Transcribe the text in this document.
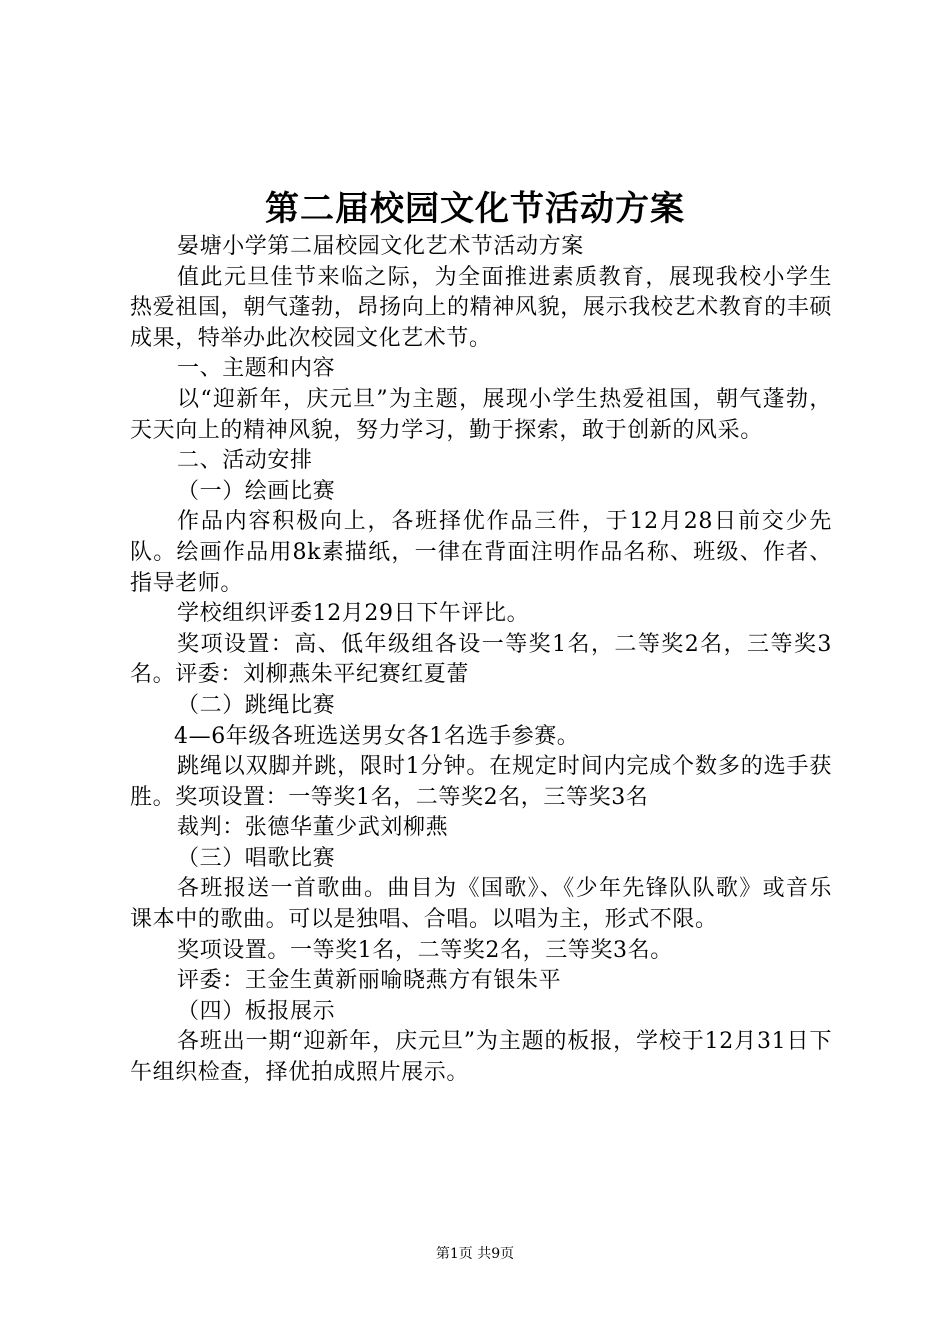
第二届校园文化节活动方案

晏塘小学第二届校园文化艺术节活动方案

值此元旦佳节来临之际，为全面推进素质教育，展现我校小学生热爱祖国，朝气蓬勃，昂扬向上的精神风貌，展示我校艺术教育的丰硕成果，特举办此次校园文化艺术节。

一、主题和内容

以“迎新年，庆元旦”为主题，展现小学生热爱祖国，朝气蓬勃，天天向上的精神风貌，努力学习，勤于探索，敢于创新的风采。

二、活动安排

（一）绘画比赛

作品内容积极向上，各班择优作品三件，于12月28日前交少先队。绘画作品用8k素描纸，一律在背面注明作品名称、班级、作者、指导老师。

学校组织评委12月29日下午评比。

奖项设置：高、低年级组各设一等奖1名，二等奖2名，三等奖3名。评委：刘柳燕朱平纪赛红夏蕾

（二）跳绳比赛

4—6年级各班选送男女各1名选手参赛。

跳绳以双脚并跳，限时1分钟。在规定时间内完成个数多的选手获胜。奖项设置：一等奖1名，二等奖2名，三等奖3名

裁判：张德华董少武刘柳燕

（三）唱歌比赛

各班报送一首歌曲。曲目为《国歌》、《少年先锋队队歌》或音乐课本中的歌曲。可以是独唱、合唱。以唱为主，形式不限。

奖项设置。一等奖1名，二等奖2名，三等奖3名。

评委：王金生黄新丽喻晓燕方有银朱平

（四）板报展示

各班出一期“迎新年，庆元旦”为主题的板报，学校于12月31日下午组织检查，择优拍成照片展示。

第1页 共9页
